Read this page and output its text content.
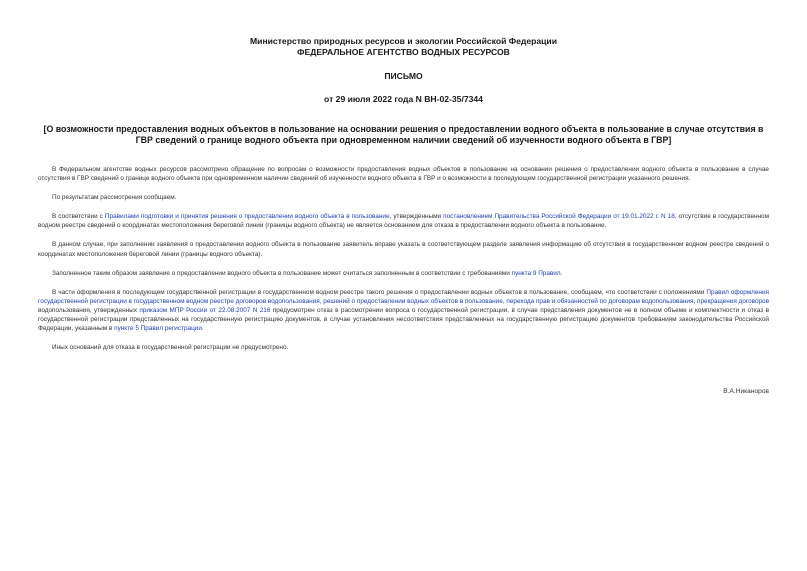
Министерство природных ресурсов и экологии Российской Федерации
ФЕДЕРАЛЬНОЕ АГЕНТСТВО ВОДНЫХ РЕСУРСОВ
ПИСЬМО
от 29 июля 2022 года N ВН-02-35/7344
[О возможности предоставления водных объектов в пользование на основании решения о предоставлении водного объекта в пользование в случае отсутствия в ГВР сведений о границе водного объекта при одновременном наличии сведений об изученности водного объекта в ГВР]

В Федеральном агентстве водных ресурсов рассмотрено обращение по вопросам о возможности предоставления водных объектов в пользование на основании решения о предоставлении водного объекта в пользование в случае отсутствия в ГВР сведений о границе водного объекта при одновременном наличии сведений об изученности водного объекта в ГВР и о возможности в последующем государственной регистрации указанного решения.

По результатам рассмотрения сообщаем.

В соответствии с Правилами подготовки и принятия решения о предоставлении водного объекта в пользование, утвержденными постановлением Правительства Российской Федерации от 19.01.2022 г. N 18, отсутствие в государственном водном реестре сведений о координатах местоположения береговой линии (границы водного объекта) не является основанием для отказа в предоставлении водного объекта в пользование.

В данном случае, при заполнении заявления о предоставлении водного объекта в пользование заявитель вправе указать в соответствующем разделе заявления информацию об отсутствии в государственном водном реестре сведений о координатах местоположения береговой линии (границы водного объекта).

Заполненное таким образом заявление о предоставлении водного объекта в пользование может считаться заполненным в соответствии с требованиями пункта 9 Правил.

В части оформления в последующем государственной регистрации в государственном водном реестре такого решения о предоставлении водных объектов в пользование, сообщаем, что соответствии с положениями Правил оформления государственной регистрации в государственном водном реестре договоров водопользования, решений о предоставлении водных объектов в пользование, перехода прав и обязанностей по договорам водопользования, прекращения договоров водопользования, утвержденных приказом МПР России от 22.08.2007 N 216 предусмотрен отказ в рассмотрении вопроса о государственной регистрации, в случае представления документов не в полном объеме и комплектности и отказ в государственной регистрации представленных на государственную регистрацию документов, в случае установления несоответствия представленных на государственную регистрацию документов требованиям законодательства Российской Федерации, указанным в пункте 5 Правил регистрации.

Иных оснований для отказа в государственной регистрации не предусмотрено.

В.А.Никаноров
